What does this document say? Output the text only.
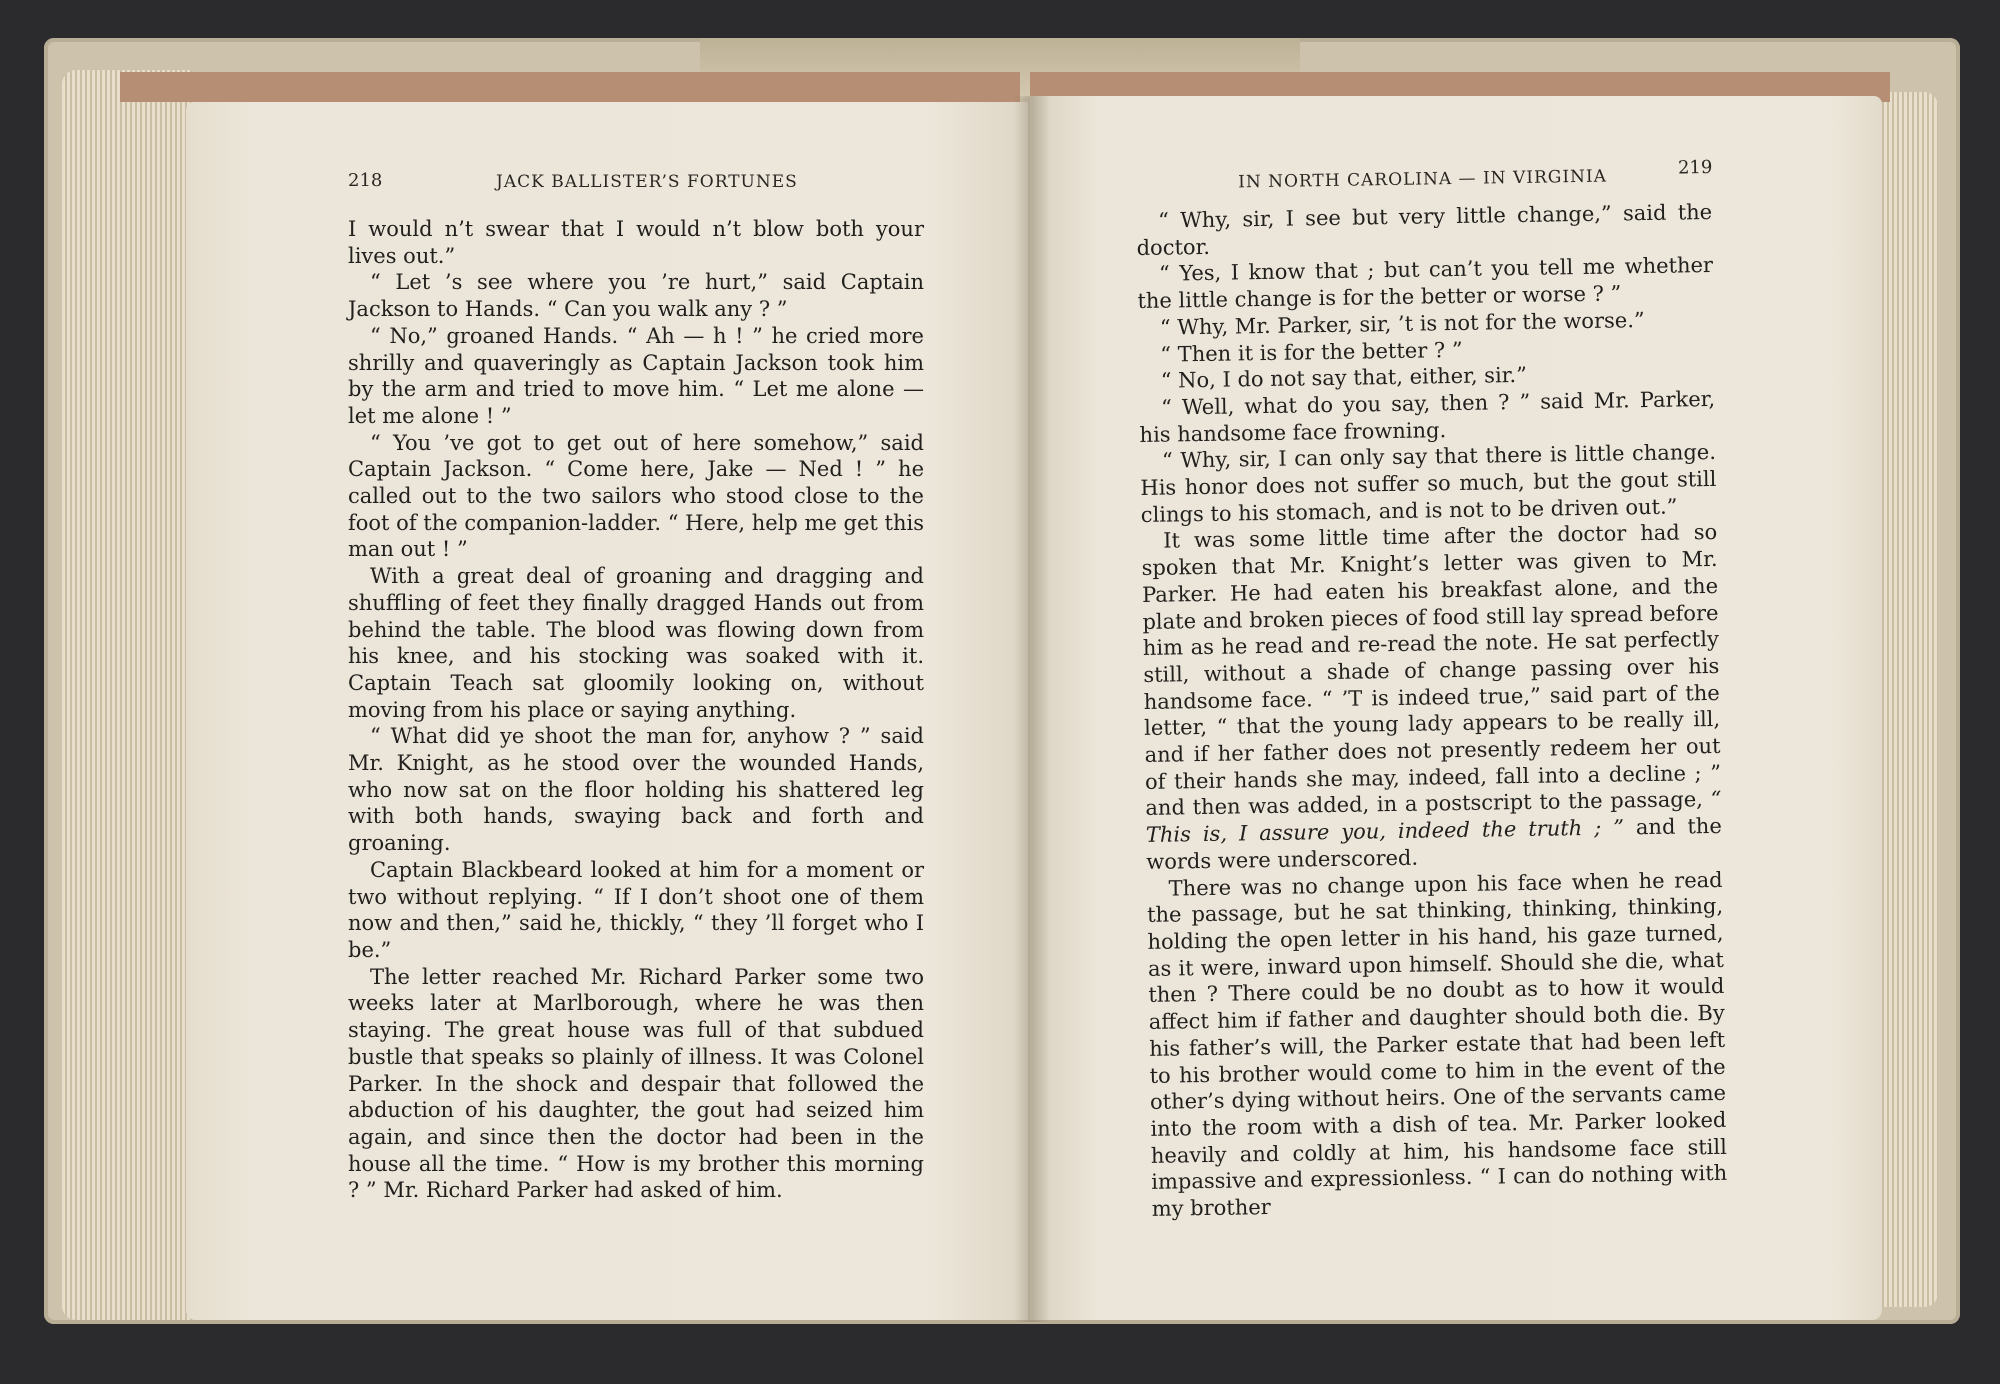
218	JACK BALLISTER’S FORTUNES

I would n’t swear that I would n’t blow both your lives out.”

“ Let ’s see where you ’re hurt,” said Captain Jackson to Hands. “ Can you walk any ? ”

“ No,” groaned Hands. “ Ah — h ! ” he cried more shrilly and quaveringly as Captain Jackson took him by the arm and tried to move him. “ Let me alone — let me alone ! ”

“ You ’ve got to get out of here somehow,” said Captain Jackson. “ Come here, Jake — Ned ! ” he called out to the two sailors who stood close to the foot of the companion-ladder. “ Here, help me get this man out ! ”

With a great deal of groaning and dragging and shuffling of feet they finally dragged Hands out from behind the table. The blood was flowing down from his knee, and his stocking was soaked with it. Captain Teach sat gloomily looking on, without moving from his place or saying anything.

“ What did ye shoot the man for, anyhow ? ” said Mr. Knight, as he stood over the wounded Hands, who now sat on the floor holding his shattered leg with both hands, swaying back and forth and groaning.

Captain Blackbeard looked at him for a moment or two without replying. “ If I don’t shoot one of them now and then,” said he, thickly, “ they ’ll forget who I be.”

The letter reached Mr. Richard Parker some two weeks later at Marlborough, where he was then staying. The great house was full of that subdued bustle that speaks so plainly of illness. It was Colonel Parker. In the shock and despair that followed the abduction of his daughter, the gout had seized him again, and since then the doctor had been in the house all the time. “ How is my brother this morning ? ” Mr. Richard Parker had asked of him.

IN NORTH CAROLINA — IN VIRGINIA	219

“ Why, sir, I see but very little change,” said the doctor.

“ Yes, I know that ; but can’t you tell me whether the little change is for the better or worse ? ”

“ Why, Mr. Parker, sir, ’t is not for the worse.”

“ Then it is for the better ? ”

“ No, I do not say that, either, sir.”

“ Well, what do you say, then ? ” said Mr. Parker, his handsome face frowning.

“ Why, sir, I can only say that there is little change. His honor does not suffer so much, but the gout still clings to his stomach, and is not to be driven out.”

It was some little time after the doctor had so spoken that Mr. Knight’s letter was given to Mr. Parker. He had eaten his breakfast alone, and the plate and broken pieces of food still lay spread before him as he read and re-read the note. He sat perfectly still, without a shade of change passing over his handsome face. “ ’T is indeed true,” said part of the letter, “ that the young lady appears to be really ill, and if her father does not presently redeem her out of their hands she may, indeed, fall into a decline ; ” and then was added, in a postscript to the passage, “ This is, I assure you, indeed the truth ; ” and the words were underscored.

There was no change upon his face when he read the passage, but he sat thinking, thinking, thinking, holding the open letter in his hand, his gaze turned, as it were, inward upon himself. Should she die, what then ? There could be no doubt as to how it would affect him if father and daughter should both die. By his father’s will, the Parker estate that had been left to his brother would come to him in the event of the other’s dying without heirs. One of the servants came into the room with a dish of tea. Mr. Parker looked heavily and coldly at him, his handsome face still impassive and expressionless. “ I can do nothing with my brother
